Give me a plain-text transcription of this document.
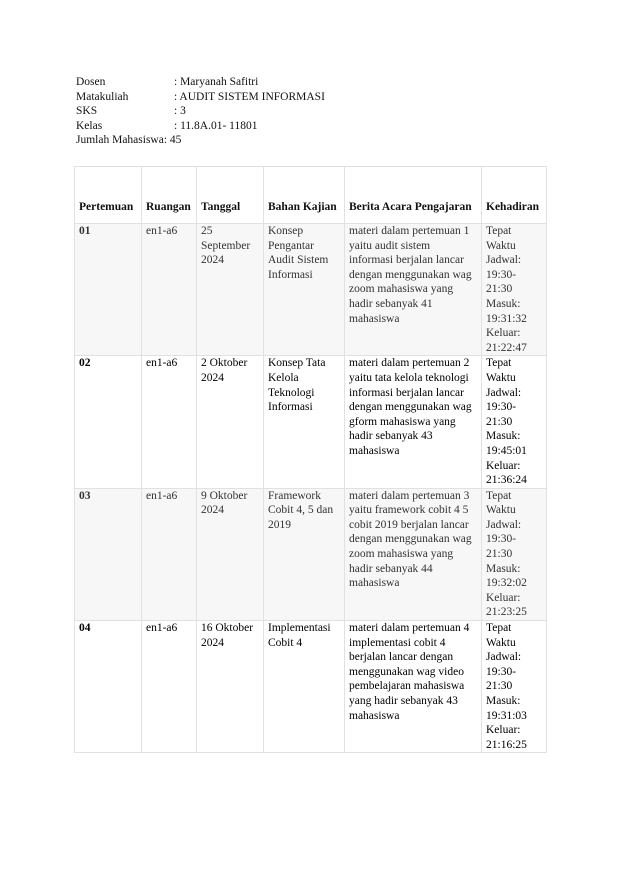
Dosen	: Maryanah Safitri
Matakuliah	: AUDIT SISTEM INFORMASI
SKS	: 3
Kelas	: 11.8A.01- 11801
Jumlah Mahasiswa : 45
Pertemuan	Ruangan	Tanggal	Bahan Kajian	Berita Acara Pengajaran	Kehadiran
01	en1-a6	25 September 2024	Konsep Pengantar Audit Sistem Informasi	materi dalam pertemuan 1 yaitu audit sistem informasi berjalan lancar dengan menggunakan wag zoom mahasiswa yang hadir sebanyak 41 mahasiswa	Tepat Waktu
Jadwal: 19:30-21:30
Masuk: 19:31:32
Keluar: 21:22:47

02	en1-a6	2 Oktober 2024	Konsep Tata Kelola Teknologi Informasi	materi dalam pertemuan 2 yaitu tata kelola teknologi informasi berjalan lancar dengan menggunakan wag gform mahasiswa yang hadir sebanyak 43 mahasiswa	Tepat Waktu
Jadwal: 19:30-21:30
Masuk: 19:45:01
Keluar: 21:36:24

03	en1-a6	9 Oktober 2024	Framework Cobit 4, 5 dan 2019	materi dalam pertemuan 3 yaitu framework cobit 4 5 cobit 2019 berjalan lancar dengan menggunakan wag zoom mahasiswa yang hadir sebanyak 44 mahasiswa	Tepat Waktu
Jadwal: 19:30-21:30
Masuk: 19:32:02
Keluar: 21:23:25

04	en1-a6	16 Oktober 2024	Implementasi Cobit 4	materi dalam pertemuan 4 implementasi cobit 4 berjalan lancar dengan menggunakan wag video pembelajaran mahasiswa yang hadir sebanyak 43 mahasiswa	Tepat Waktu
Jadwal: 19:30-21:30
Masuk: 19:31:03
Keluar: 21:16:25
